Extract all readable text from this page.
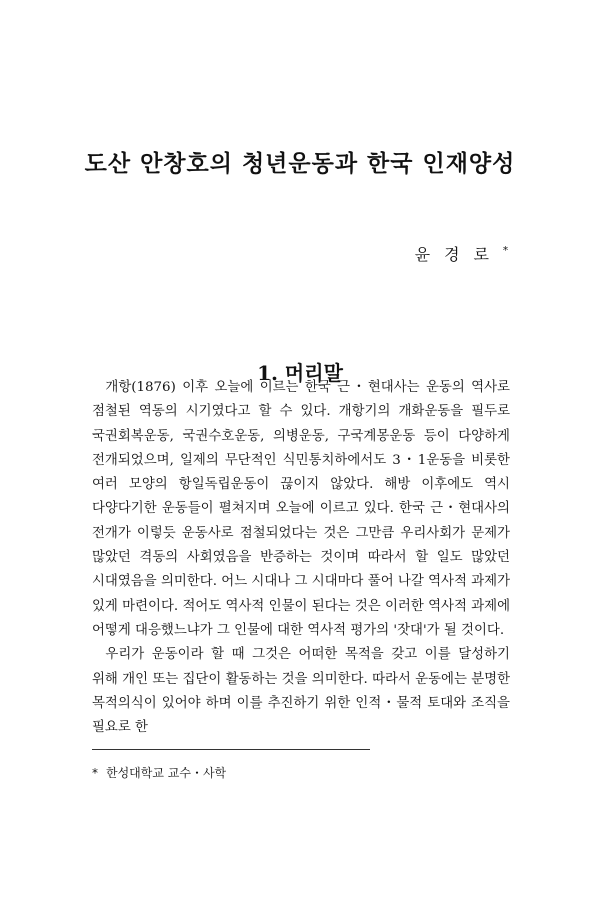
도산 안창호의 청년운동과 한국 인재양성
윤경로*
1. 머리말

개항(1876) 이후 오늘에 이르는 한국 근・현대사는 운동의 역사로 점철된 역동의 시기였다고 할 수 있다. 개항기의 개화운동을 필두로 국권회복운동, 국권수호운동, 의병운동, 구국계몽운동 등이 다양하게 전개되었으며, 일제의 무단적인 식민통치하에서도 3・1운동을 비롯한 여러 모양의 항일독립운동이 끊이지 않았다. 해방 이후에도 역시 다양다기한 운동들이 펼쳐지며 오늘에 이르고 있다. 한국 근・현대사의 전개가 이렇듯 운동사로 점철되었다는 것은 그만큼 우리사회가 문제가 많았던 격동의 사회였음을 반증하는 것이며 따라서 할 일도 많았던 시대였음을 의미한다. 어느 시대나 그 시대마다 풀어 나갈 역사적 과제가 있게 마련이다. 적어도 역사적 인물이 된다는 것은 이러한 역사적 과제에 어떻게 대응했느냐가 그 인물에 대한 역사적 평가의 '잣대'가 될 것이다.

우리가 운동이라 할 때 그것은 어떠한 목적을 갖고 이를 달성하기 위해 개인 또는 집단이 활동하는 것을 의미한다. 따라서 운동에는 분명한 목적의식이 있어야 하며 이를 추진하기 위한 인적・물적 토대와 조직을 필요로 한

* 한성대학교 교수・사학
